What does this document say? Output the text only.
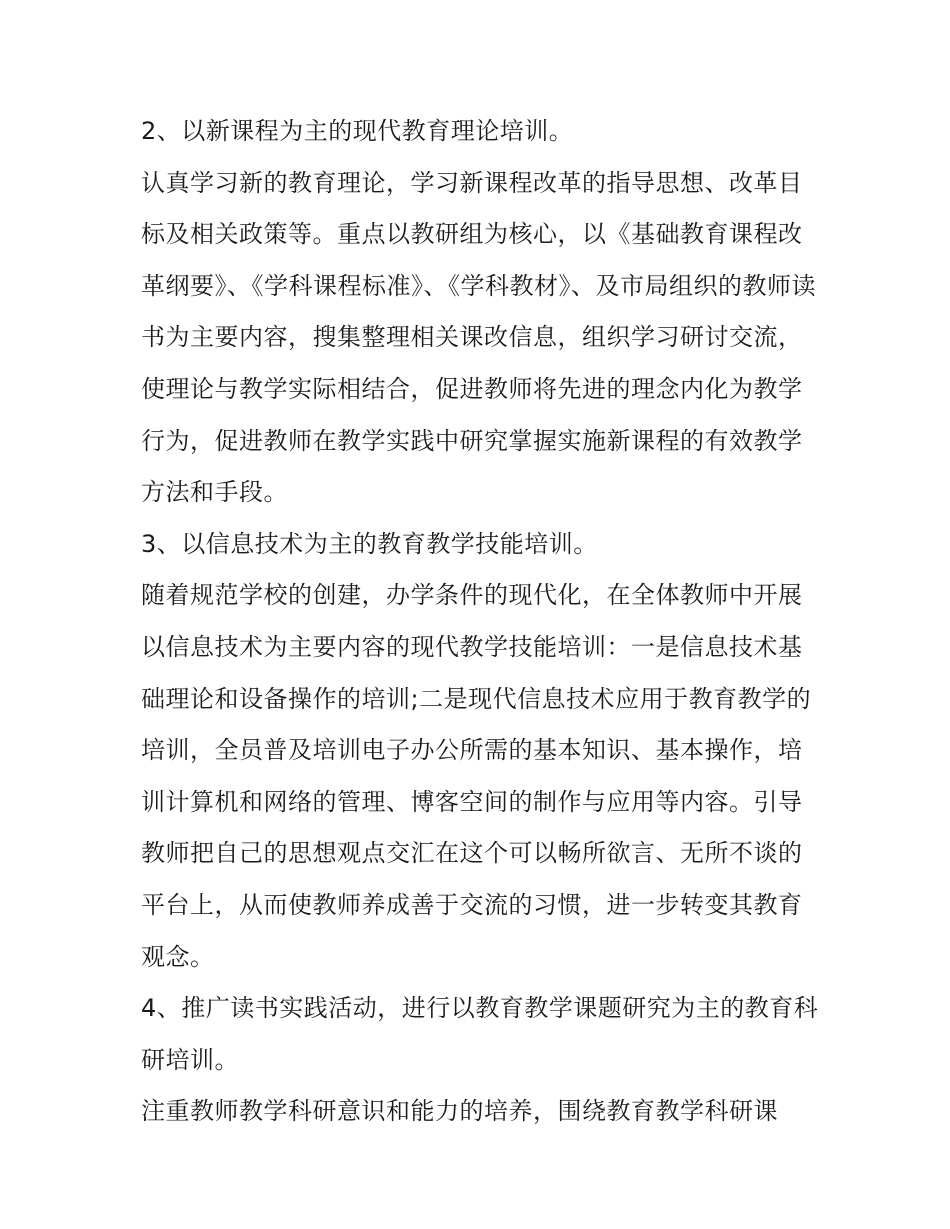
2、以新课程为主的现代教育理论培训。

认真学习新的教育理论，学习新课程改革的指导思想、改革目标及相关政策等。重点以教研组为核心，以《基础教育课程改革纲要》、《学科课程标准》、《学科教材》、及市局组织的教师读书为主要内容，搜集整理相关课改信息，组织学习研讨交流，使理论与教学实际相结合，促进教师将先进的理念内化为教学行为，促进教师在教学实践中研究掌握实施新课程的有效教学方法和手段。

3、以信息技术为主的教育教学技能培训。

随着规范学校的创建，办学条件的现代化，在全体教师中开展以信息技术为主要内容的现代教学技能培训：一是信息技术基础理论和设备操作的培训;二是现代信息技术应用于教育教学的培训，全员普及培训电子办公所需的基本知识、基本操作，培训计算机和网络的管理、博客空间的制作与应用等内容。引导教师把自己的思想观点交汇在这个可以畅所欲言、无所不谈的平台上，从而使教师养成善于交流的习惯，进一步转变其教育观念。

4、推广读书实践活动，进行以教育教学课题研究为主的教育科研培训。

注重教师教学科研意识和能力的培养，围绕教育教学科研课
